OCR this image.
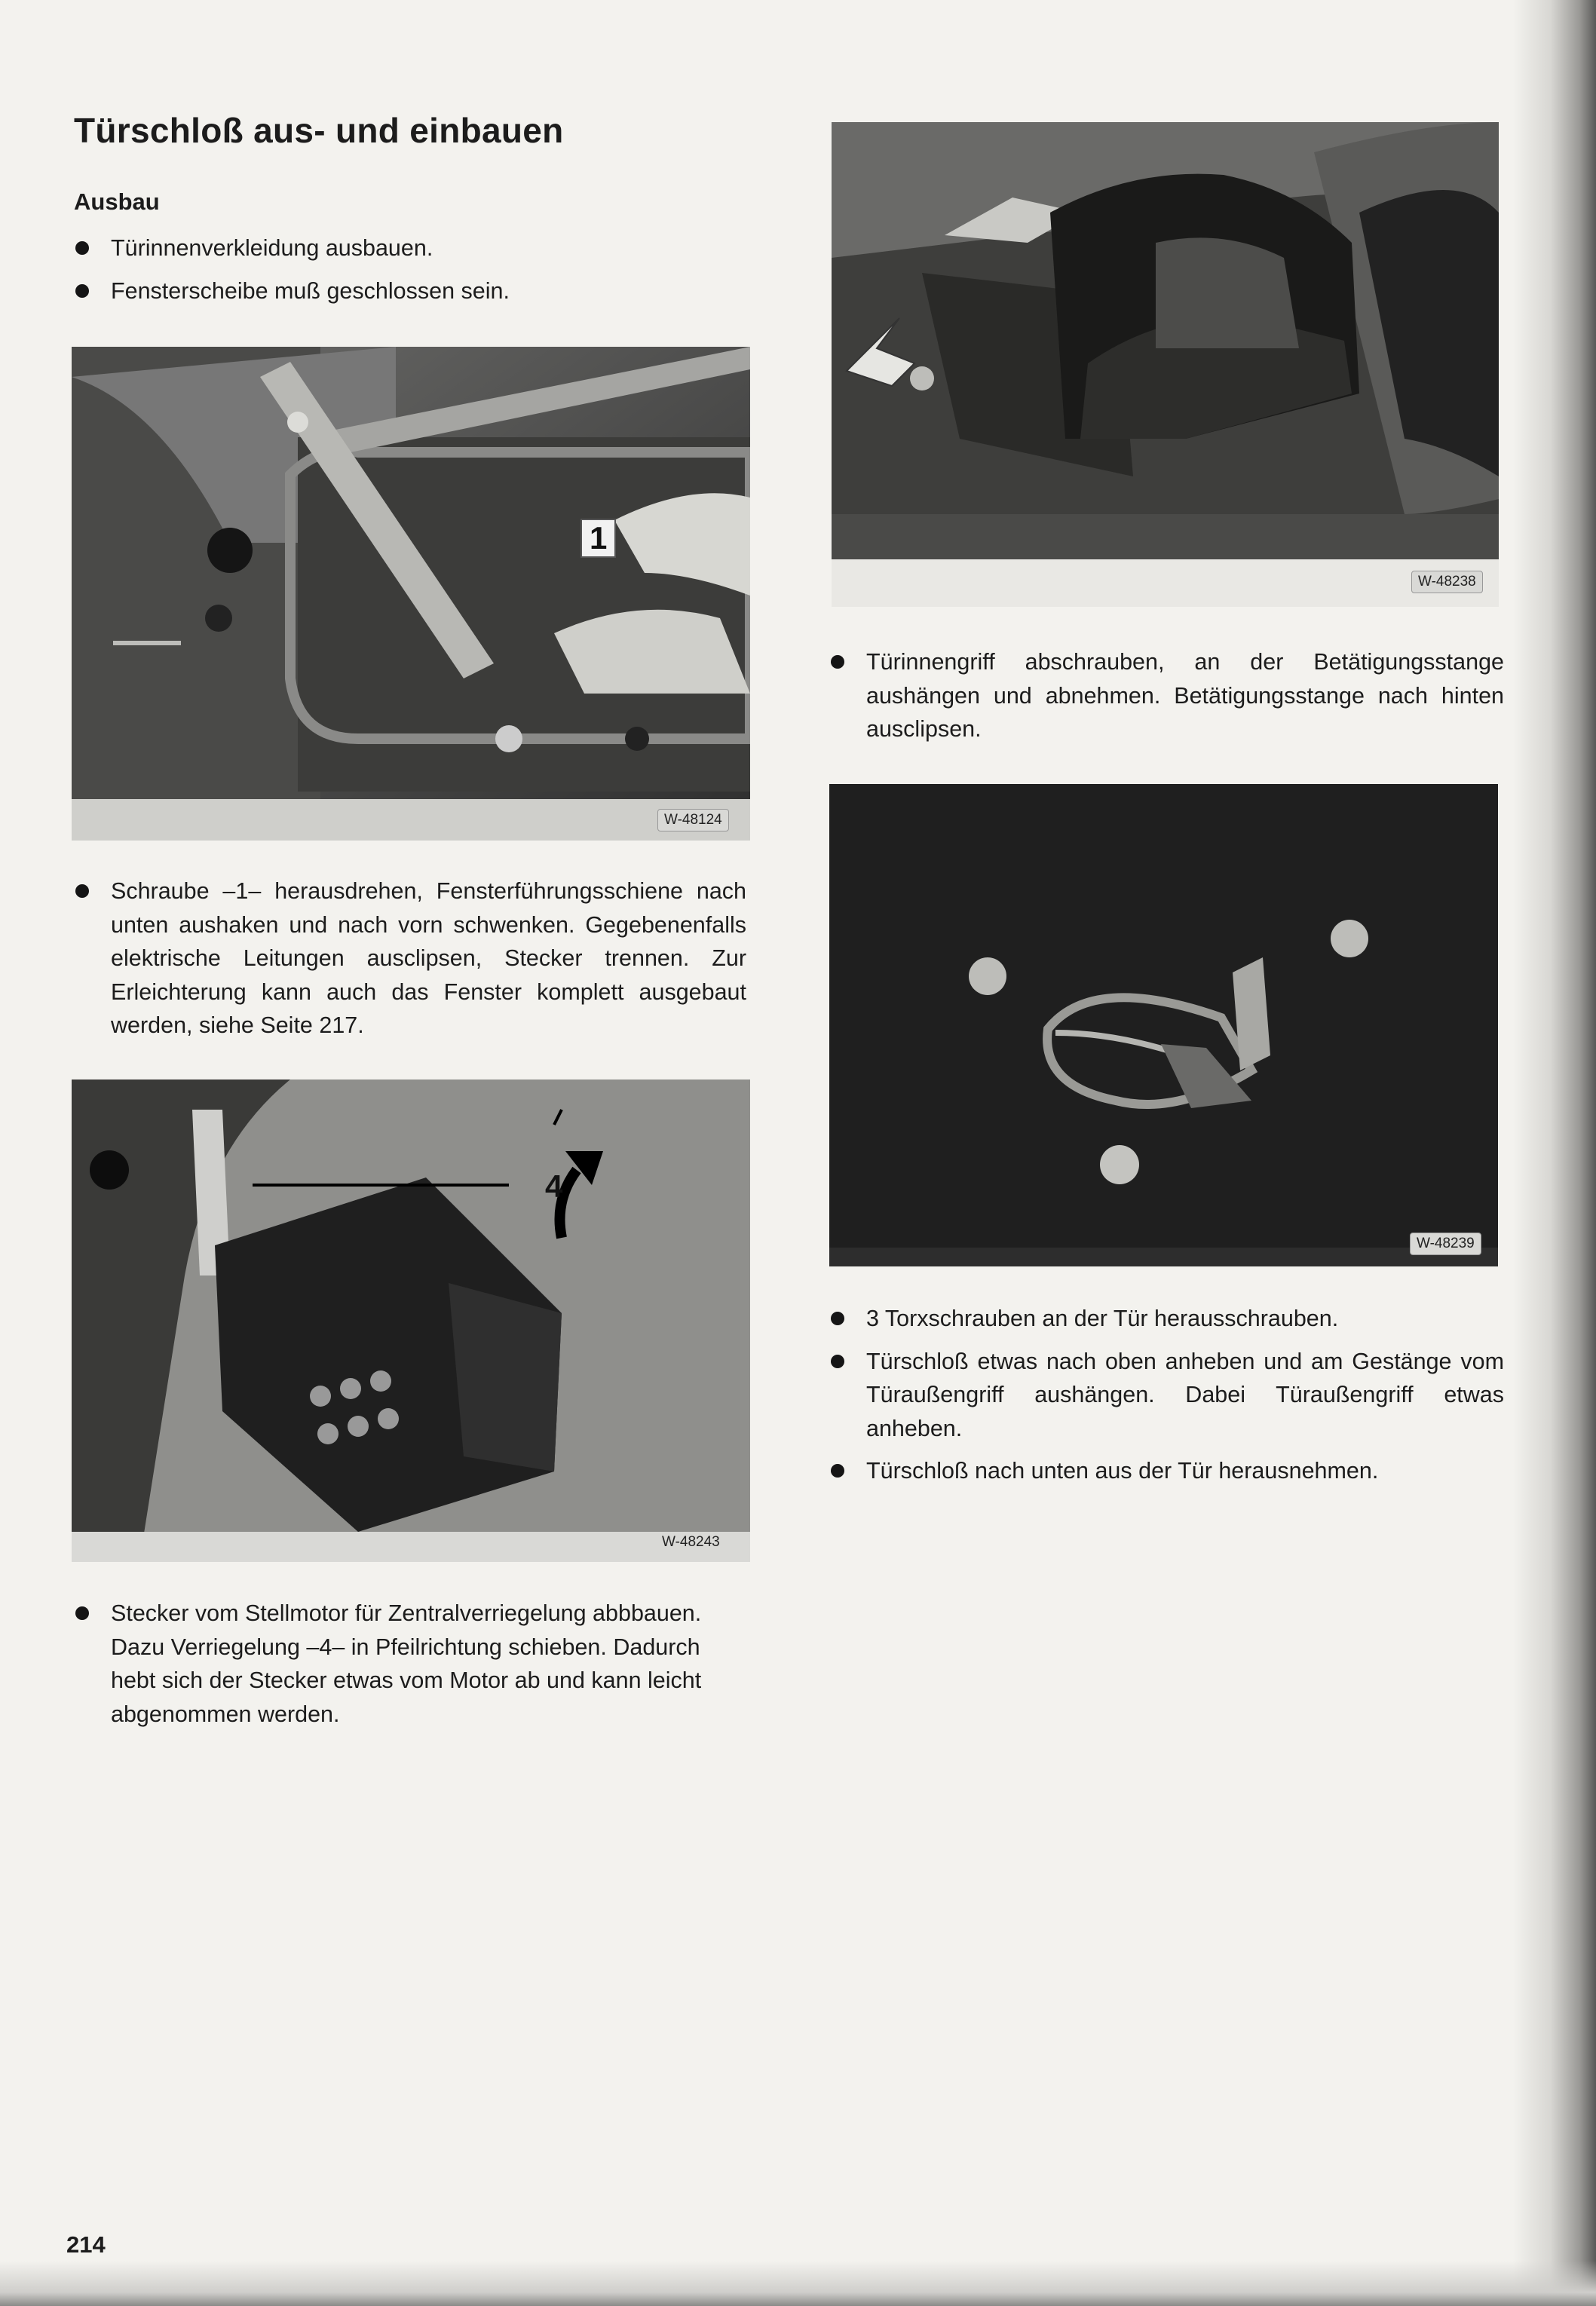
Türschloß aus- und einbauen
Ausbau
Türinnenverkleidung ausbauen.
Fensterscheibe muß geschlossen sein.
1
W-48124
Schraube –1– herausdrehen, Fensterführungsschiene nach unten aushaken und nach vorn schwenken. Gegebenenfalls elektrische Leitungen ausclipsen, Stecker trennen. Zur Erleichterung kann auch das Fenster komplett ausgebaut werden, siehe Seite 217.
4
W-48243
Stecker vom Stellmotor für Zentralverriegelung abbbauen. Dazu Verriegelung –4– in Pfeilrichtung schieben. Dadurch hebt sich der Stecker etwas vom Motor ab und kann leicht abgenommen werden.
W-48238
Türinnengriff abschrauben, an der Betätigungsstange aushängen und abnehmen. Betätigungsstange nach hinten ausclipsen.
W-48239
3 Torxschrauben an der Tür herausschrauben.
Türschloß etwas nach oben anheben und am Gestänge vom Türaußengriff aushängen. Dabei Türaußengriff etwas anheben.
Türschloß nach unten aus der Tür herausnehmen.
214
